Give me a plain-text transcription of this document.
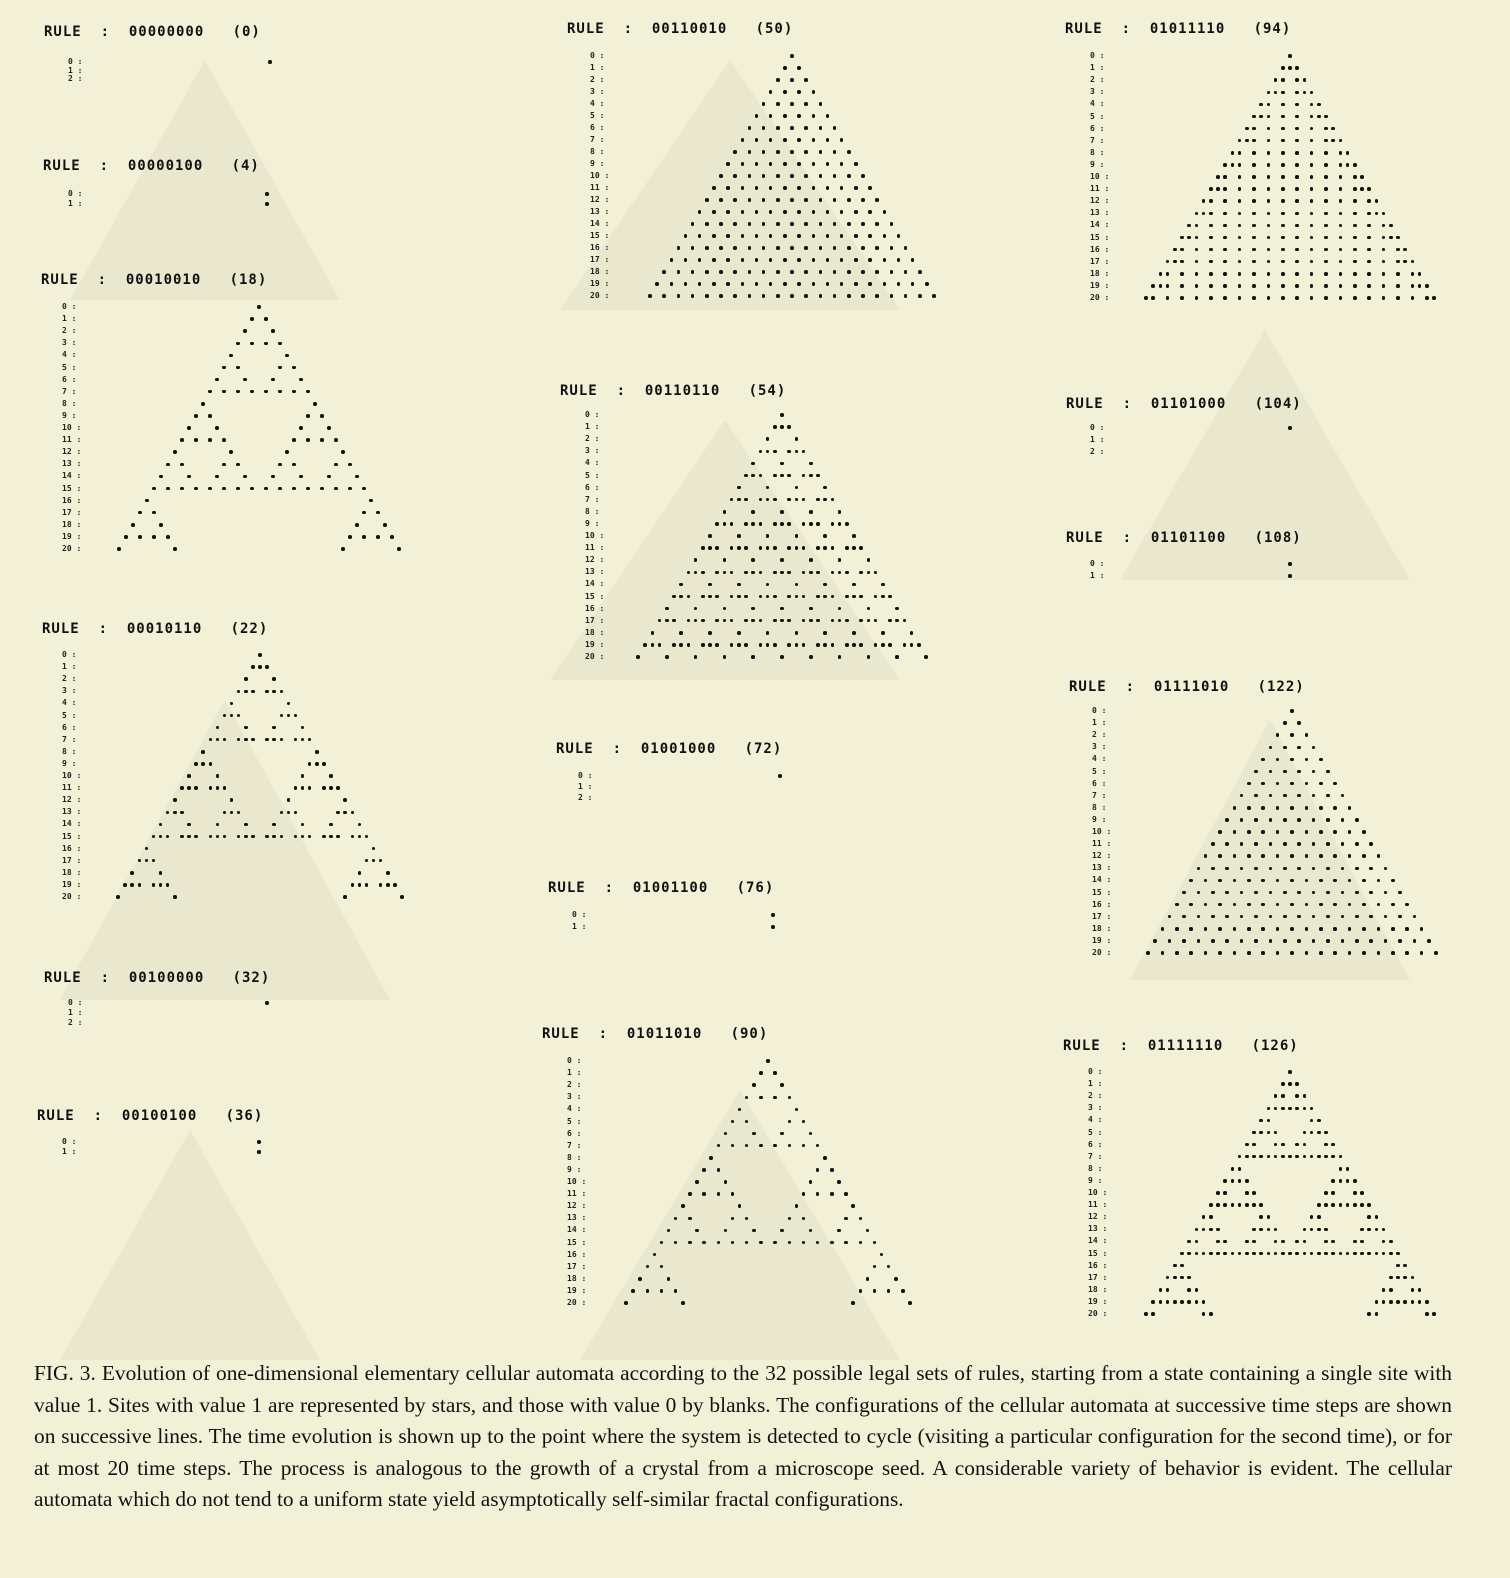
RULE  :  00000000   (0)
0 :
1 :
2 :
RULE  :  00000100   (4)
0 :
1 :
RULE  :  00010010   (18)
0 :
1 :
2 :
3 :
4 :
5 :
6 :
7 :
8 :
9 :
10 :
11 :
12 :
13 :
14 :
15 :
16 :
17 :
18 :
19 :
20 :
RULE  :  00010110   (22)
0 :
1 :
2 :
3 :
4 :
5 :
6 :
7 :
8 :
9 :
10 :
11 :
12 :
13 :
14 :
15 :
16 :
17 :
18 :
19 :
20 :
RULE  :  00100000   (32)
0 :
1 :
2 :
RULE  :  00100100   (36)
0 :
1 :
RULE  :  00110010   (50)
0 :
1 :
2 :
3 :
4 :
5 :
6 :
7 :
8 :
9 :
10 :
11 :
12 :
13 :
14 :
15 :
16 :
17 :
18 :
19 :
20 :
RULE  :  00110110   (54)
0 :
1 :
2 :
3 :
4 :
5 :
6 :
7 :
8 :
9 :
10 :
11 :
12 :
13 :
14 :
15 :
16 :
17 :
18 :
19 :
20 :
RULE  :  01001000   (72)
0 :
1 :
2 :
RULE  :  01001100   (76)
0 :
1 :
RULE  :  01011010   (90)
0 :
1 :
2 :
3 :
4 :
5 :
6 :
7 :
8 :
9 :
10 :
11 :
12 :
13 :
14 :
15 :
16 :
17 :
18 :
19 :
20 :
RULE  :  01011110   (94)
0 :
1 :
2 :
3 :
4 :
5 :
6 :
7 :
8 :
9 :
10 :
11 :
12 :
13 :
14 :
15 :
16 :
17 :
18 :
19 :
20 :
RULE  :  01101000   (104)
0 :
1 :
2 :
RULE  :  01101100   (108)
0 :
1 :
RULE  :  01111010   (122)
0 :
1 :
2 :
3 :
4 :
5 :
6 :
7 :
8 :
9 :
10 :
11 :
12 :
13 :
14 :
15 :
16 :
17 :
18 :
19 :
20 :
RULE  :  01111110   (126)
0 :
1 :
2 :
3 :
4 :
5 :
6 :
7 :
8 :
9 :
10 :
11 :
12 :
13 :
14 :
15 :
16 :
17 :
18 :
19 :
20 :
FIG. 3. Evolution of one-dimensional elementary cellular automata according to the 32 possible legal sets of rules, starting from a state containing a single site with value 1. Sites with value 1 are represented by stars, and those with value 0 by blanks. The configurations of the cellular automata at successive time steps are shown on successive lines. The time evolution is shown up to the point where the system is detected to cycle (visiting a particular configuration for the second time), or for at most 20 time steps. The process is analogous to the growth of a crystal from a microscope seed. A considerable variety of behavior is evident. The cellular automata which do not tend to a uniform state yield asymptotically self-similar fractal configurations.
